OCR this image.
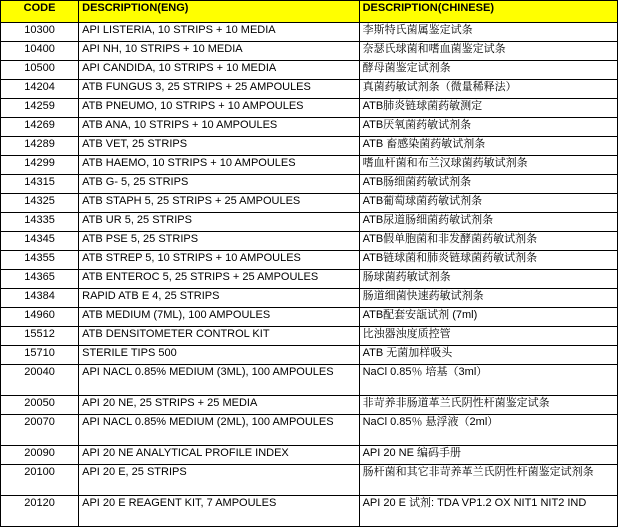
CODE	DESCRIPTION(ENG)	DESCRIPTION(CHINESE)
10300	API LISTERIA, 10 STRIPS + 10 MEDIA	李斯特氏菌属鉴定试条
10400	API NH, 10 STRIPS + 10 MEDIA	奈瑟氏球菌和嗜血菌鉴定试条
10500	API CANDIDA, 10 STRIPS + 10 MEDIA	酵母菌鉴定试剂条
14204	ATB FUNGUS 3, 25 STRIPS + 25 AMPOULES	真菌药敏试剂条（微量稀释法）
14259	ATB PNEUMO, 10 STRIPS + 10 AMPOULES	ATB肺炎链球菌药敏测定
14269	ATB ANA, 10 STRIPS + 10 AMPOULES	ATB厌氧菌药敏试剂条
14289	ATB VET, 25 STRIPS	ATB 畜感染菌药敏试剂条
14299	ATB HAEMO, 10 STRIPS + 10 AMPOULES	嗜血杆菌和布兰汉球菌药敏试剂条
14315	ATB G- 5, 25 STRIPS	ATB肠细菌药敏试剂条
14325	ATB STAPH 5, 25 STRIPS + 25 AMPOULES	ATB葡萄球菌药敏试剂条
14335	ATB UR 5, 25 STRIPS	ATB尿道肠细菌药敏试剂条
14345	ATB PSE 5, 25 STRIPS	ATB假单胞菌和非发酵菌药敏试剂条
14355	ATB STREP 5, 10 STRIPS + 10 AMPOULES	ATB链球菌和肺炎链球菌药敏试剂条
14365	ATB ENTEROC 5, 25 STRIPS + 25 AMPOULES	肠球菌药敏试剂条
14384	RAPID ATB E 4, 25 STRIPS	肠道细菌快速药敏试剂条
14960	ATB MEDIUM (7ML), 100 AMPOULES	ATB配套安瓿试剂 (7ml)
15512	ATB DENSITOMETER CONTROL KIT	比浊器浊度质控管
15710	STERILE TIPS 500	ATB 无菌加样吸头
20040	API NACL 0.85% MEDIUM (3ML), 100 AMPOULES	NaCl 0.85％ 培基（3ml）
20050	API 20 NE, 25 STRIPS + 25 MEDIA	非苛养非肠道革兰氏阴性杆菌鉴定试条
20070	API NACL 0.85% MEDIUM (2ML), 100 AMPOULES	NaCl 0.85％ 悬浮液（2ml）
20090	API 20 NE ANALYTICAL PROFILE INDEX	API 20 NE 编码手册
20100	API 20 E, 25 STRIPS	肠杆菌和其它非苛养革兰氏阴性杆菌鉴定试剂条
20120	API 20 E REAGENT KIT, 7 AMPOULES	API 20 E 试剂: TDA VP1.2 OX NIT1 NIT2 IND
